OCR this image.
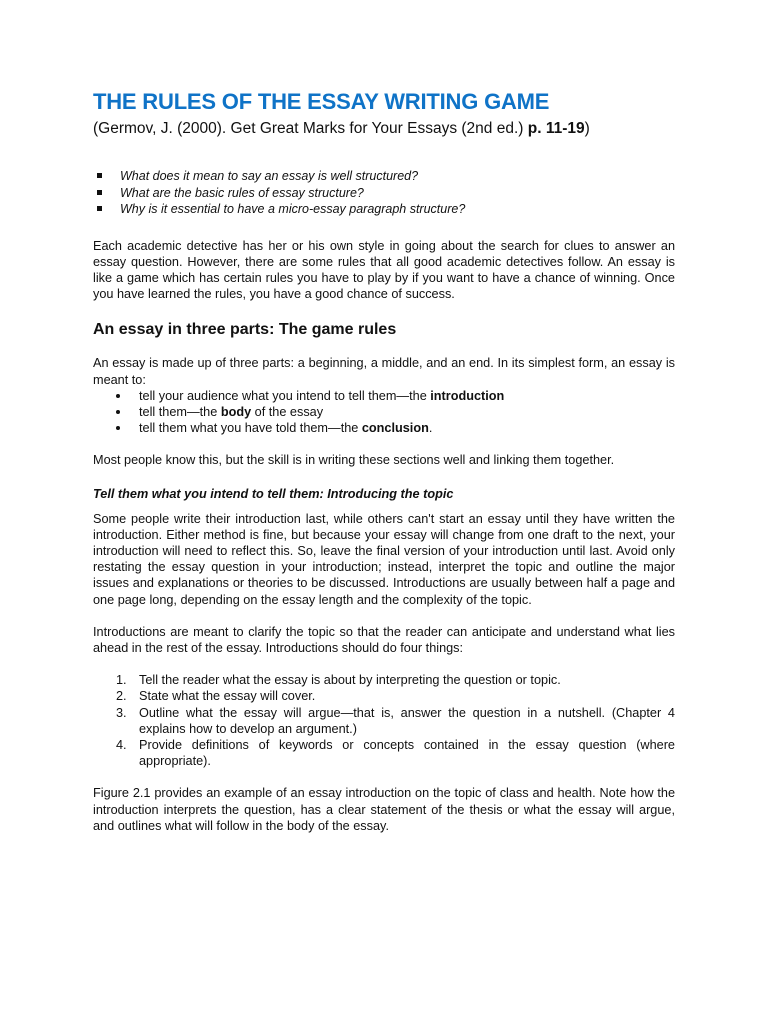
THE RULES OF THE ESSAY WRITING GAME

(Germov, J. (2000). Get Great Marks for Your Essays (2nd ed.) p. 11-19)

What does it mean to say an essay is well structured?
What are the basic rules of essay structure?
Why is it essential to have a micro-essay paragraph structure?

Each academic detective has her or his own style in going about the search for clues to answer an essay question. However, there are some rules that all good academic detectives follow. An essay is like a game which has certain rules you have to play by if you want to have a chance of winning. Once you have learned the rules, you have a good chance of success.

An essay in three parts: The game rules

An essay is made up of three parts: a beginning, a middle, and an end. In its simplest form, an essay is meant to:

tell your audience what you intend to tell them—the introduction
tell them—the body of the essay
tell them what you have told them—the conclusion.

Most people know this, but the skill is in writing these sections well and linking them together.

Tell them what you intend to tell them: Introducing the topic

Some people write their introduction last, while others can't start an essay until they have written the introduction. Either method is fine, but because your essay will change from one draft to the next, your introduction will need to reflect this. So, leave the final version of your introduction until last. Avoid only restating the essay question in your introduction; instead, interpret the topic and outline the major issues and explanations or theories to be discussed. Introductions are usually between half a page and one page long, depending on the essay length and the complexity of the topic.

Introductions are meant to clarify the topic so that the reader can anticipate and understand what lies ahead in the rest of the essay. Introductions should do four things:

1. Tell the reader what the essay is about by interpreting the question or topic.
2. State what the essay will cover.
3. Outline what the essay will argue—that is, answer the question in a nutshell. (Chapter 4 explains how to develop an argument.)
4. Provide definitions of keywords or concepts contained in the essay question (where appropriate).

Figure 2.1 provides an example of an essay introduction on the topic of class and health. Note how the introduction interprets the question, has a clear statement of the thesis or what the essay will argue, and outlines what will follow in the body of the essay.
